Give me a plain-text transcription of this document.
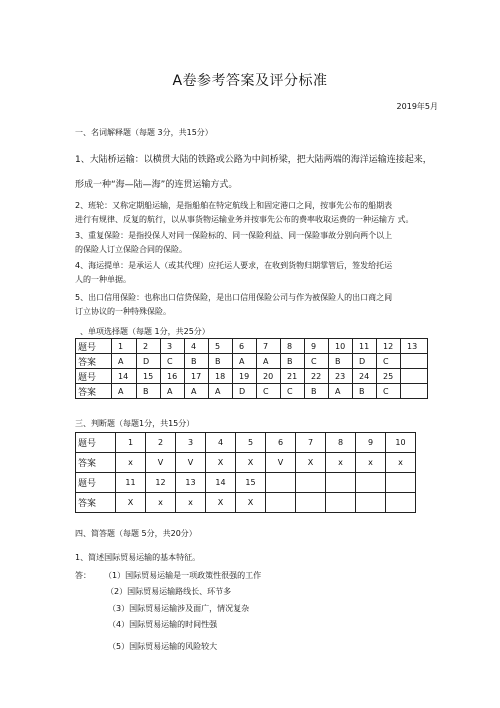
A卷参考答案及评分标准
2019年5月
一、名词解释题（每题 3分，共15分）
1、大陆桥运输：以横贯大陆的铁路或公路为中间桥梁，把大陆两端的海洋运输连接起来，
形成一种“海—陆—海”的连贯运输方式。
2、班轮：又称定期船运输，是指船舶在特定航线上和固定港口之间，按事先公布的船期表
进行有规律、反复的航行，以从事货物运输业务并按事先公布的费率收取运费的一种运输方 式。
3、重复保险：是指投保人对同一保险标的、同一保险利益、同一保险事故分别向两个以上
的保险人订立保险合同的保险。
4、海运提单：是承运人（或其代理）应托运人要求，在收到货物归期掌管后，签发给托运
人的一种单据。
5、出口信用保险：也称出口信贷保险，是出口信用保险公司与作为被保险人的出口商之间
订立协议的一种特殊保险。
、单项选择题（每题 1分，共25分）
题号	1	2	3	4	5	6	7	8	9	10	11	12	13
答案	A	D	C	B	B	A	A	B	C	B	D	C	
题号	14	15	16	17	18	19	20	21	22	23	24	25	
答案	A	B	A	A	A	D	C	C	B	A	B	C	
三、判断题（每题1分，共15分）
题号	1	2	3	4	5	6	7	8	9	10
答案	x	V	V	X	X	V	X	x	x	x
题号	11	12	13	14	15					
答案	X	x	x	X	X					
四、简答题（每题 5分，共20分）
1、简述国际贸易运输的基本特征。
答： （1）国际贸易运输是一项政策性很强的工作
（2）国际贸易运输路线长、环节多
（3）国际贸易运输涉及面广，情况复杂
（4）国际贸易运输的时间性强
（5）国际贸易运输的风险较大
